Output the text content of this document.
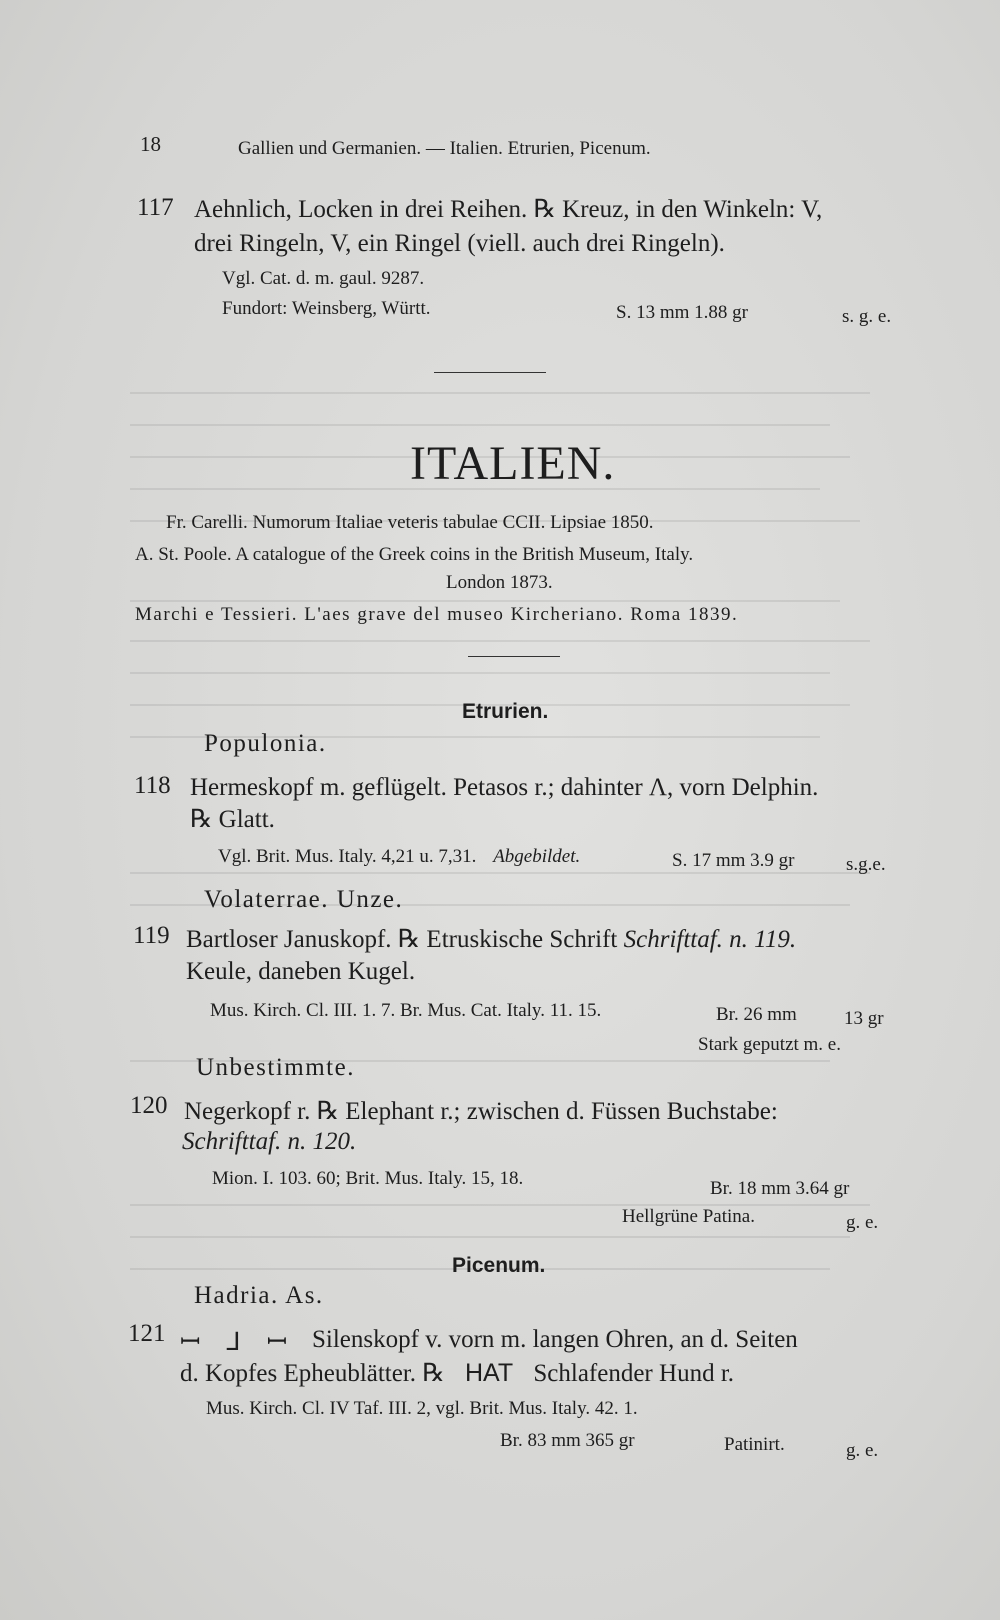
18	Gallien und Germanien. — Italien. Etrurien, Picenum.
117 Aehnlich, Locken in drei Reihen. ℞ Kreuz, in den Winkeln: V,
drei Ringeln, V, ein Ringel (viell. auch drei Ringeln).
Vgl. Cat. d. m. gaul. 9287.
Fundort: Weinsberg, Württ.	S. 13 mm 1.88 gr	s. g. e.
ITALIEN.
Fr. Carelli. Numorum Italiae veteris tabulae CCII. Lipsiae 1850.
A. St. Poole. A catalogue of the Greek coins in the British Museum, Italy.
London 1873.
Marchi e Tessieri. L'aes grave del museo Kircheriano. Roma 1839.
Etrurien.
Populonia.
118 Hermeskopf m. geflügelt. Petasos r.; dahinter Λ, vorn Delphin.
℞ Glatt.
Vgl. Brit. Mus. Italy. 4,21 u. 7,31. Abgebildet.	S. 17 mm 3.9 gr	s.g.e.
Volaterrae. Unze.
119 Bartloser Januskopf. ℞ Etruskische Schrift Schrifttaf. n. 119.
Keule, daneben Kugel.
Mus. Kirch. Cl. III. 1. 7. Br. Mus. Cat. Italy. 11. 15.	Br. 26 mm 13 gr
Stark geputzt m. e.
Unbestimmte.
120 Negerkopf r. ℞ Elephant r.; zwischen d. Füssen Buchstabe:
Schrifttaf. n. 120.
Mion. I. 103. 60; Brit. Mus. Italy. 15, 18.	Br. 18 mm 3.64 gr
Hellgrüne Patina.	g. e.
Picenum.
Hadria. As.
121 ꟷ ⅃ ꟷ Silenskopf v. vorn m. langen Ohren, an d. Seiten
d. Kopfes Epheublätter. ℞ HAT Schlafender Hund r.
Mus. Kirch. Cl. IV Taf. III. 2, vgl. Brit. Mus. Italy. 42. 1.
Br. 83 mm 365 gr	Patinirt.	g. e.
